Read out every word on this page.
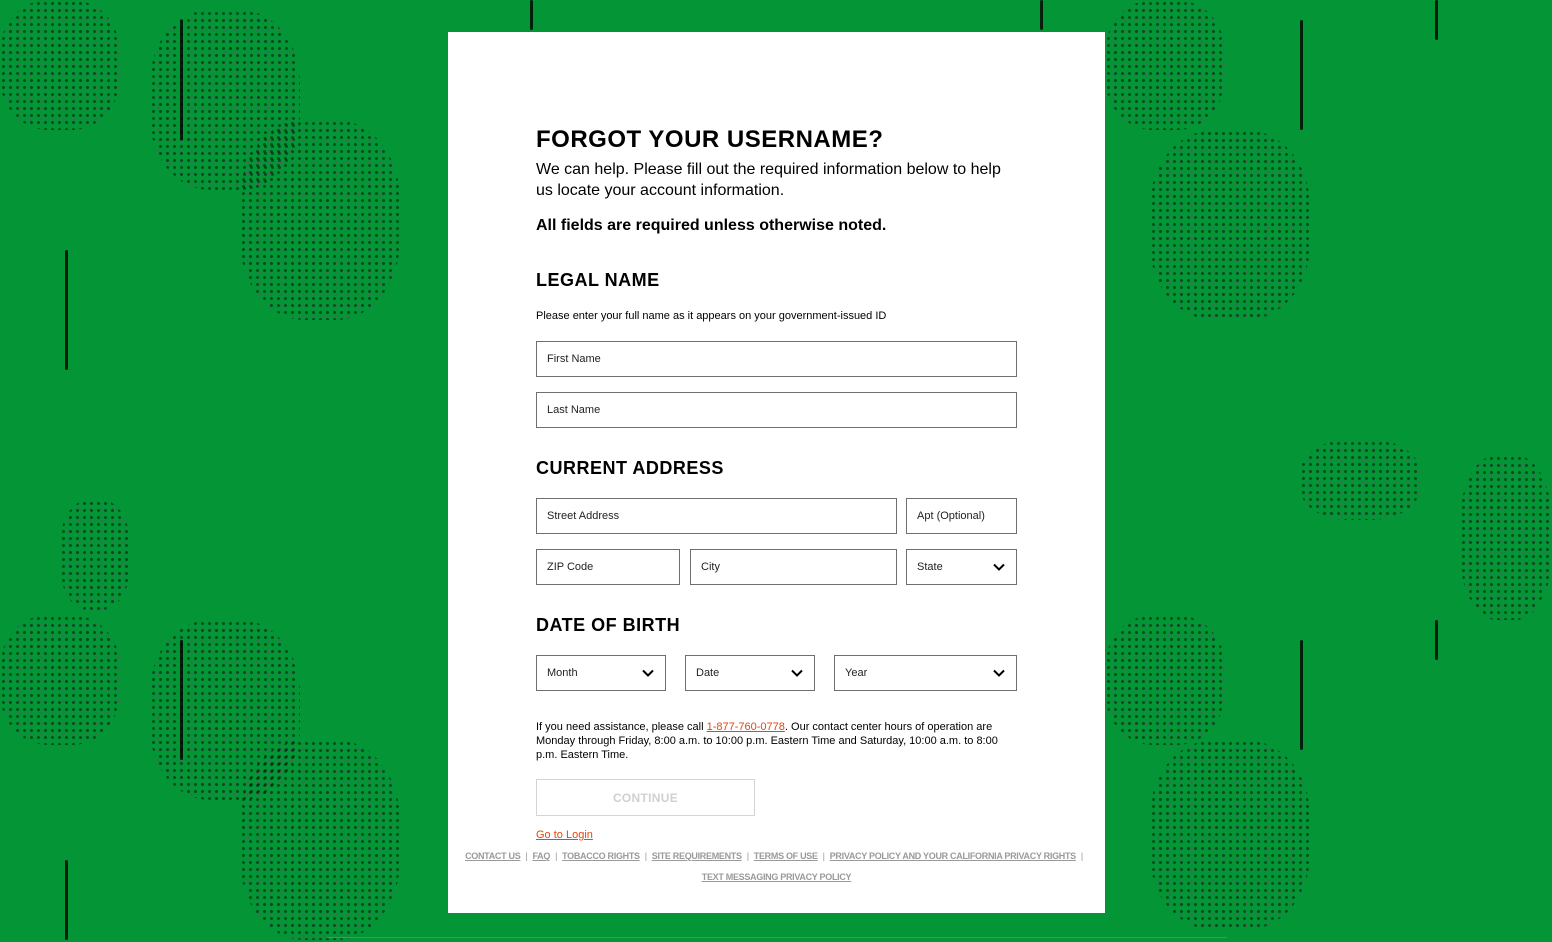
FORGOT YOUR USERNAME?

We can help. Please fill out the required information below to help us locate your account information.

All fields are required unless otherwise noted.

LEGAL NAME

Please enter your full name as it appears on your government-issued ID

First Name
Last Name
CURRENT ADDRESS
Street Address	Apt (Optional)
ZIP Code	City	State
DATE OF BIRTH
Month	Date	Year

If you need assistance, please call 1-877-760-0778. Our contact center hours of operation are Monday through Friday, 8:00 a.m. to 10:00 p.m. Eastern Time and Saturday, 10:00 a.m. to 8:00 p.m. Eastern Time.

CONTINUE
Go to Login
CONTACT US | FAQ | TOBACCO RIGHTS | SITE REQUIREMENTS | TERMS OF USE | PRIVACY POLICY AND YOUR CALIFORNIA PRIVACY RIGHTS |
TEXT MESSAGING PRIVACY POLICY
